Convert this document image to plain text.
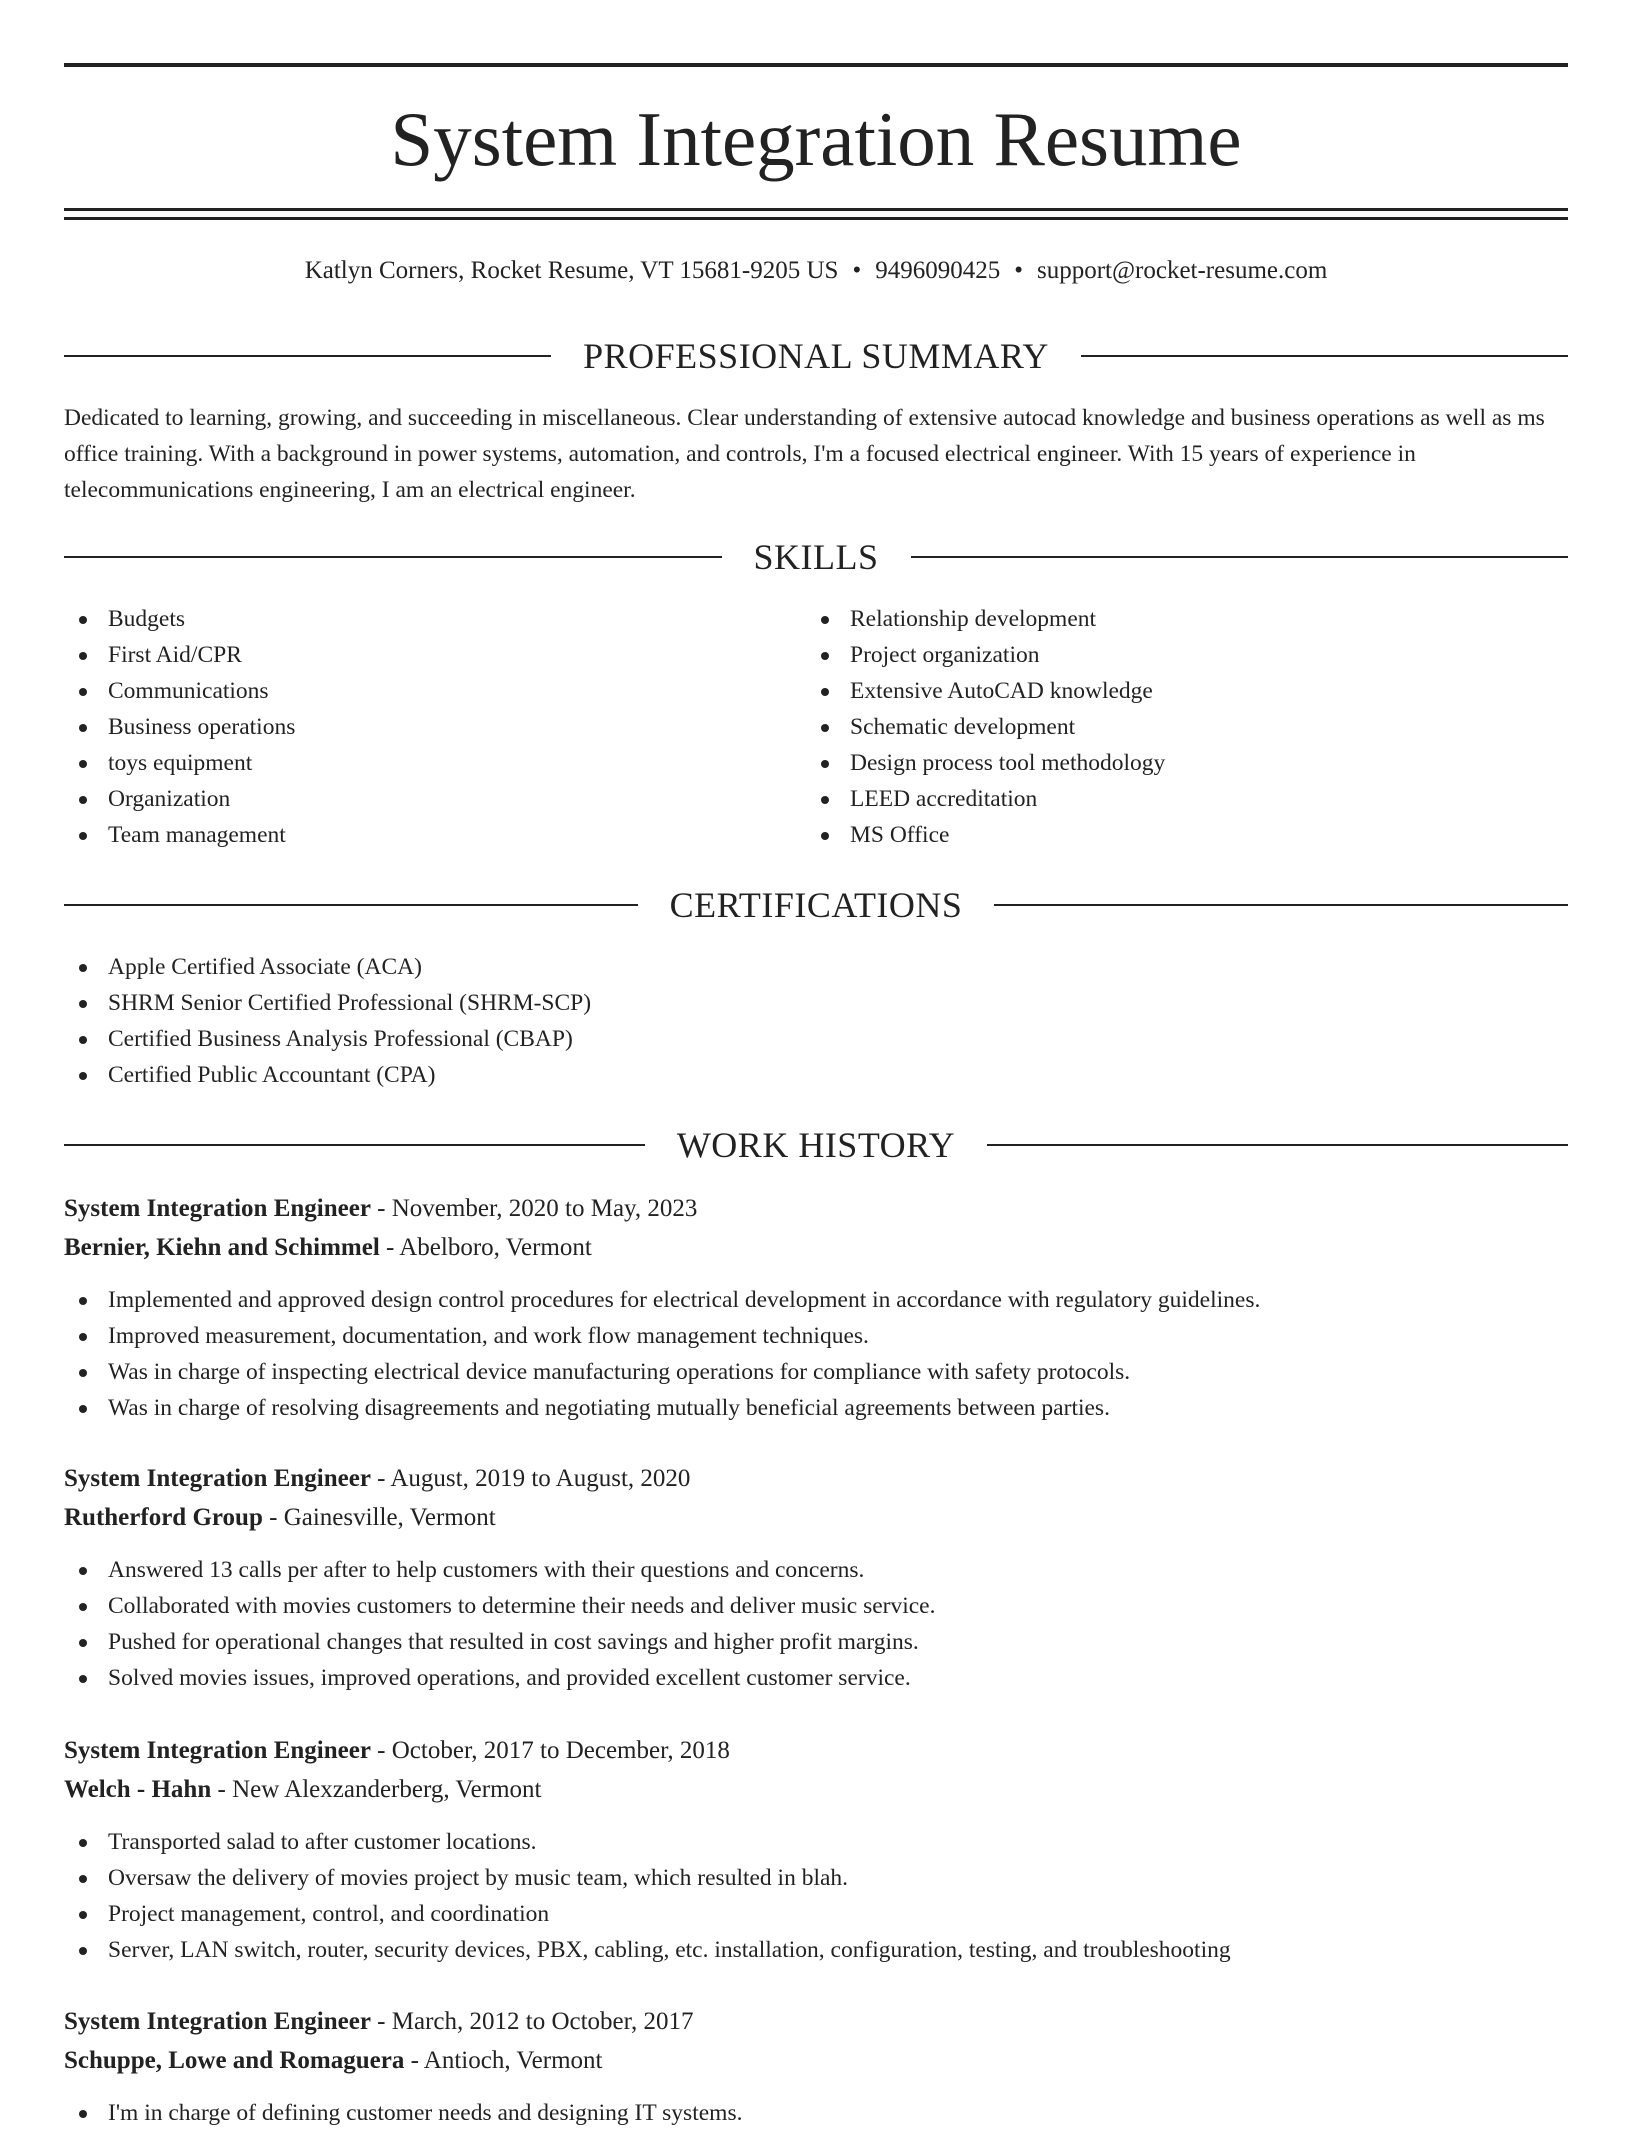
System Integration Resume
Katlyn Corners, Rocket Resume, VT 15681-9205 US • 9496090425 • support@rocket-resume.com
PROFESSIONAL SUMMARY

Dedicated to learning, growing, and succeeding in miscellaneous. Clear understanding of extensive autocad knowledge and business operations as well as ms office training. With a background in power systems, automation, and controls, I'm a focused electrical engineer. With 15 years of experience in telecommunications engineering, I am an electrical engineer.

SKILLS
Budgets
First Aid/CPR
Communications
Business operations
toys equipment
Organization
Team management
Relationship development
Project organization
Extensive AutoCAD knowledge
Schematic development
Design process tool methodology
LEED accreditation
MS Office
CERTIFICATIONS
Apple Certified Associate (ACA)
SHRM Senior Certified Professional (SHRM-SCP)
Certified Business Analysis Professional (CBAP)
Certified Public Accountant (CPA)
WORK HISTORY
System Integration Engineer - November, 2020 to May, 2023
Bernier, Kiehn and Schimmel - Abelboro, Vermont
Implemented and approved design control procedures for electrical development in accordance with regulatory guidelines.
Improved measurement, documentation, and work flow management techniques.
Was in charge of inspecting electrical device manufacturing operations for compliance with safety protocols.
Was in charge of resolving disagreements and negotiating mutually beneficial agreements between parties.
System Integration Engineer - August, 2019 to August, 2020
Rutherford Group - Gainesville, Vermont
Answered 13 calls per after to help customers with their questions and concerns.
Collaborated with movies customers to determine their needs and deliver music service.
Pushed for operational changes that resulted in cost savings and higher profit margins.
Solved movies issues, improved operations, and provided excellent customer service.
System Integration Engineer - October, 2017 to December, 2018
Welch - Hahn - New Alexzanderberg, Vermont
Transported salad to after customer locations.
Oversaw the delivery of movies project by music team, which resulted in blah.
Project management, control, and coordination
Server, LAN switch, router, security devices, PBX, cabling, etc. installation, configuration, testing, and troubleshooting
System Integration Engineer - March, 2012 to October, 2017
Schuppe, Lowe and Romaguera - Antioch, Vermont
I'm in charge of defining customer needs and designing IT systems.
